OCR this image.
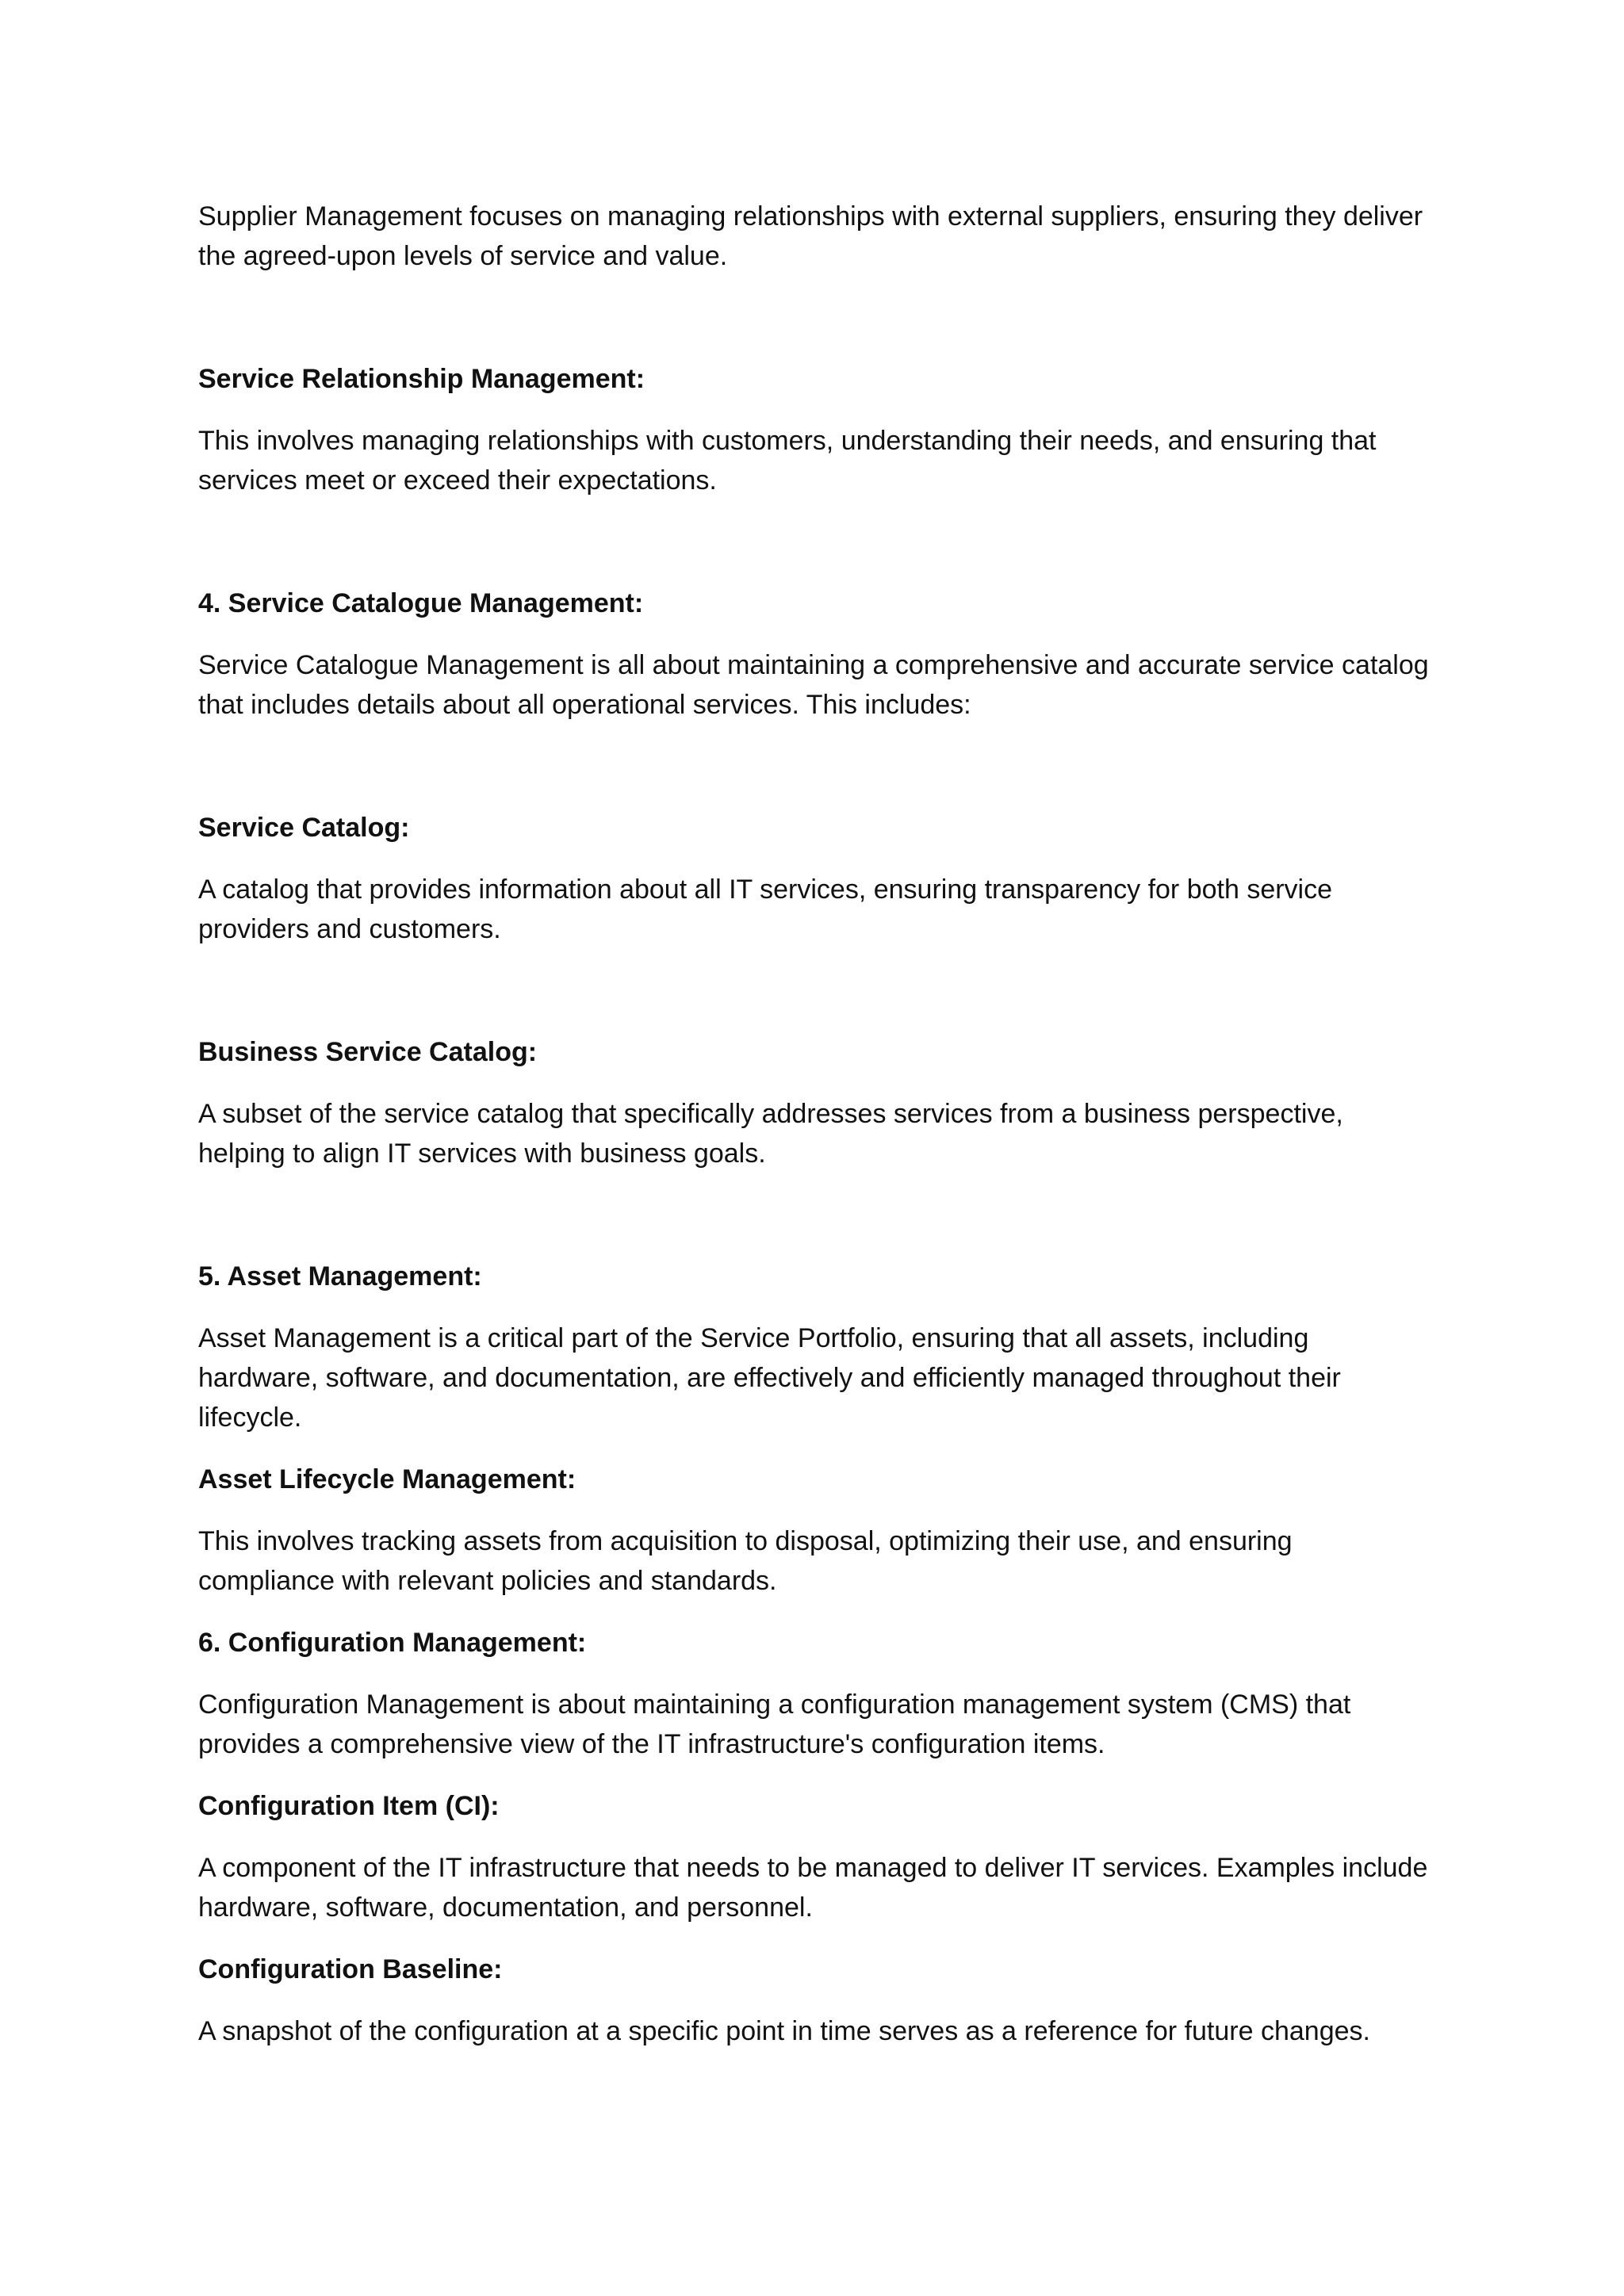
Supplier Management focuses on managing relationships with external suppliers, ensuring they deliver the agreed-upon levels of service and value.

Service Relationship Management:

This involves managing relationships with customers, understanding their needs, and ensuring that services meet or exceed their expectations.

4. Service Catalogue Management:

Service Catalogue Management is all about maintaining a comprehensive and accurate service catalog that includes details about all operational services. This includes:

Service Catalog:

A catalog that provides information about all IT services, ensuring transparency for both service providers and customers.

Business Service Catalog:

A subset of the service catalog that specifically addresses services from a business perspective, helping to align IT services with business goals.

5. Asset Management:

Asset Management is a critical part of the Service Portfolio, ensuring that all assets, including hardware, software, and documentation, are effectively and efficiently managed throughout their lifecycle.

Asset Lifecycle Management:

This involves tracking assets from acquisition to disposal, optimizing their use, and ensuring compliance with relevant policies and standards.

6. Configuration Management:

Configuration Management is about maintaining a configuration management system (CMS) that provides a comprehensive view of the IT infrastructure's configuration items.

Configuration Item (CI):

A component of the IT infrastructure that needs to be managed to deliver IT services. Examples include hardware, software, documentation, and personnel.

Configuration Baseline:

A snapshot of the configuration at a specific point in time serves as a reference for future changes.
